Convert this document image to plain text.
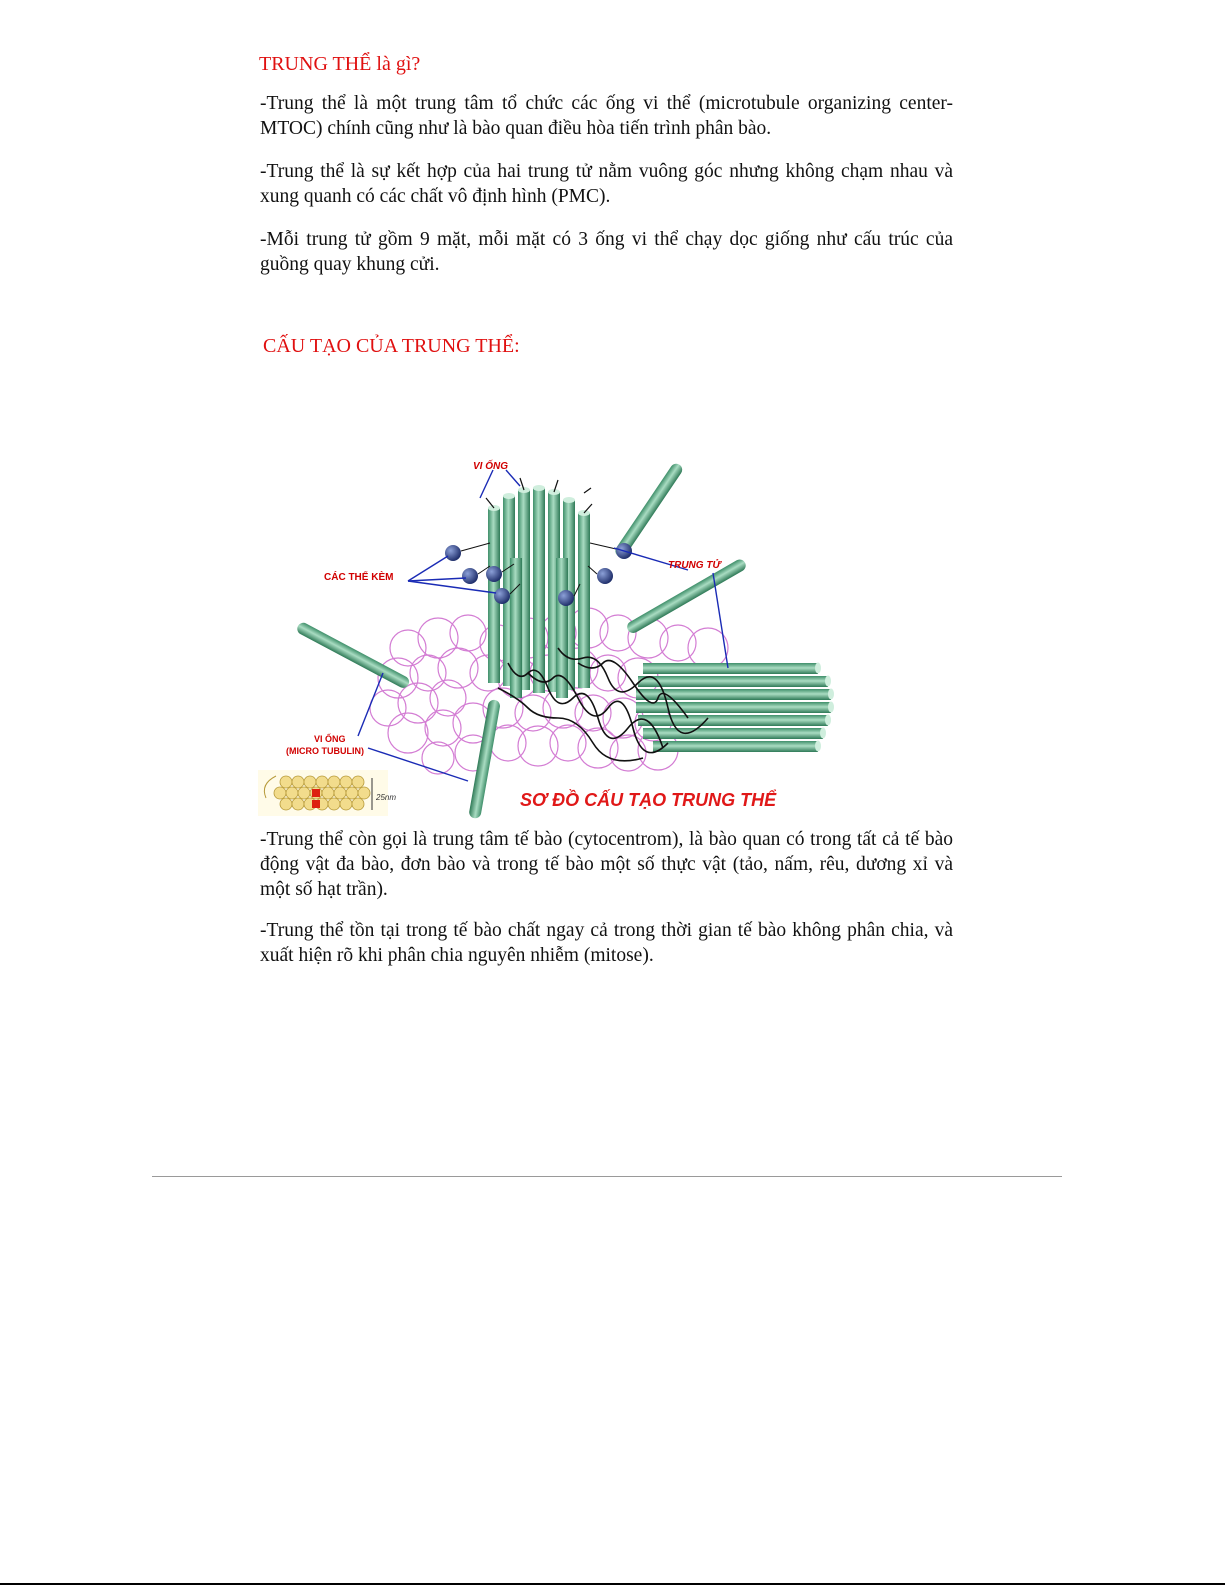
TRUNG THỂ là gì?

-Trung thể là một trung tâm tổ chức các ống vi thể (microtubule organizing center-MTOC) chính cũng như là bào quan điều hòa tiến trình phân bào.

-Trung thể là sự kết hợp của hai trung tử nằm vuông góc nhưng không chạm nhau và xung quanh có các chất vô định hình (PMC).

-Mỗi trung tử gồm 9 mặt, mỗi mặt có 3 ống vi thể chạy dọc giống như cấu trúc của guồng quay khung cửi.

CẤU TẠO CỦA TRUNG THỂ:
VI ỐNG
CÁC THỂ KÈM
TRUNG TỬ
VI ỐNG
(MICRO TUBULIN)
25nm	SƠ ĐỒ CẤU TẠO TRUNG THỂ

-Trung thể còn gọi là trung tâm tế bào (cytocentrom), là bào quan có trong tất cả tế bào động vật đa bào, đơn bào và trong tế bào một số thực vật (tảo, nấm, rêu, dương xỉ và một số hạt trần).

-Trung thể tồn tại trong tế bào chất ngay cả trong thời gian tế bào không phân chia, và xuất hiện rõ khi phân chia nguyên nhiễm (mitose).
